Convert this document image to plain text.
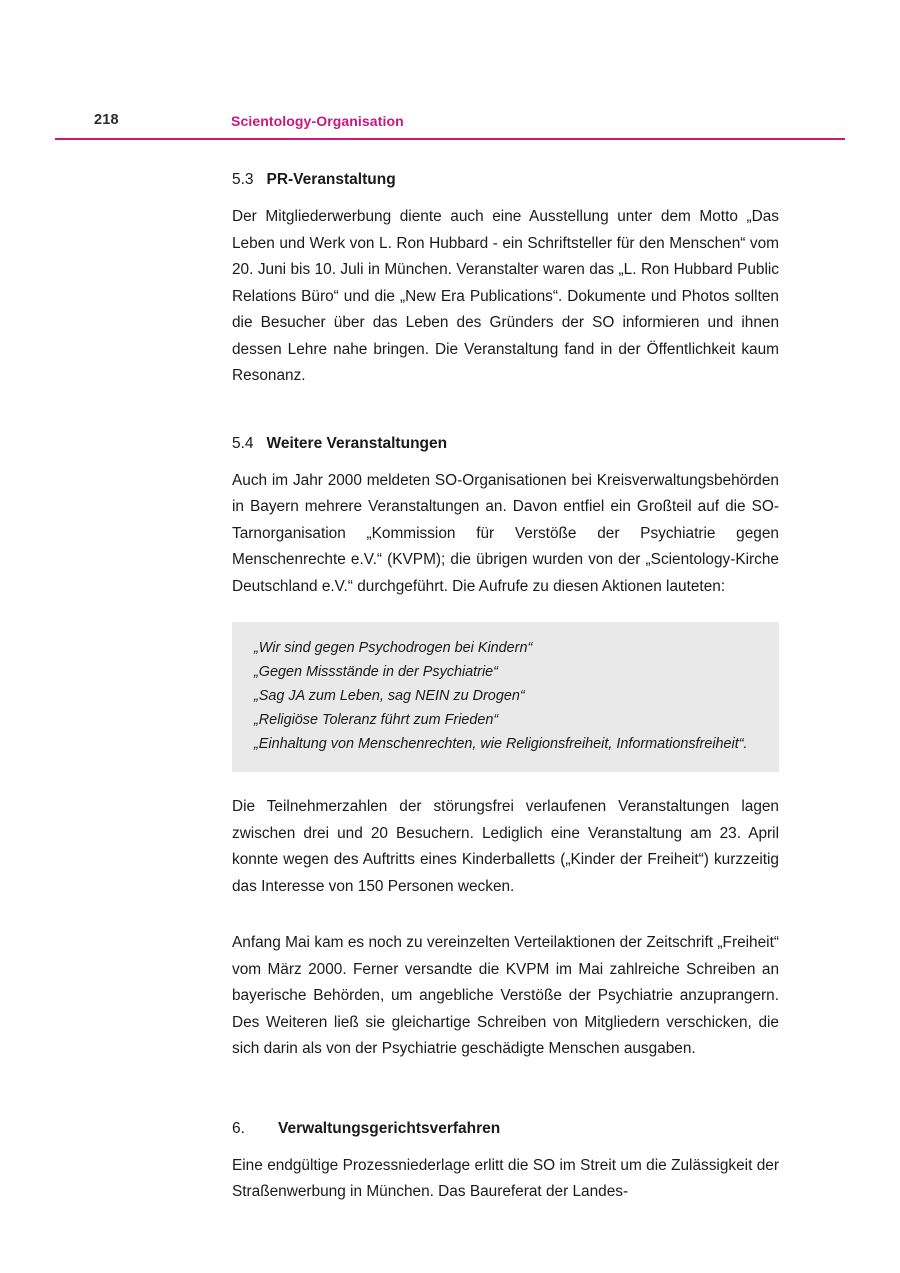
218	Scientology-Organisation
5.3 PR-Veranstaltung

Der Mitgliederwerbung diente auch eine Ausstellung unter dem Motto „Das Leben und Werk von L. Ron Hubbard - ein Schriftsteller für den Menschen“ vom 20. Juni bis 10. Juli in München. Veranstalter waren das „L. Ron Hubbard Public Relations Büro“ und die „New Era Publications“. Dokumente und Photos sollten die Besucher über das Leben des Gründers der SO informieren und ihnen dessen Lehre nahe bringen. Die Veranstaltung fand in der Öffentlichkeit kaum Resonanz.

5.4 Weitere Veranstaltungen

Auch im Jahr 2000 meldeten SO-Organisationen bei Kreisverwaltungsbehörden in Bayern mehrere Veranstaltungen an. Davon entfiel ein Großteil auf die SO-Tarnorganisation „Kommission für Verstöße der Psychiatrie gegen Menschenrechte e.V.“ (KVPM); die übrigen wurden von der „Scientology-Kirche Deutschland e.V.“ durchgeführt. Die Aufrufe zu diesen Aktionen lauteten:

„Wir sind gegen Psychodrogen bei Kindern“

„Gegen Missstände in der Psychiatrie“

„Sag JA zum Leben, sag NEIN zu Drogen“

„Religiöse Toleranz führt zum Frieden“

„Einhaltung von Menschenrechten, wie Religionsfreiheit, Informationsfreiheit“.

Die Teilnehmerzahlen der störungsfrei verlaufenen Veranstaltungen lagen zwischen drei und 20 Besuchern. Lediglich eine Veranstaltung am 23. April konnte wegen des Auftritts eines Kinderballetts („Kinder der Freiheit“) kurzzeitig das Interesse von 150 Personen wecken.

Anfang Mai kam es noch zu vereinzelten Verteilaktionen der Zeitschrift „Freiheit“ vom März 2000. Ferner versandte die KVPM im Mai zahlreiche Schreiben an bayerische Behörden, um angebliche Verstöße der Psychiatrie anzuprangern. Des Weiteren ließ sie gleichartige Schreiben von Mitgliedern verschicken, die sich darin als von der Psychiatrie geschädigte Menschen ausgaben.

6. Verwaltungsgerichtsverfahren

Eine endgültige Prozessniederlage erlitt die SO im Streit um die Zulässigkeit der Straßenwerbung in München. Das Baureferat der Landes-
